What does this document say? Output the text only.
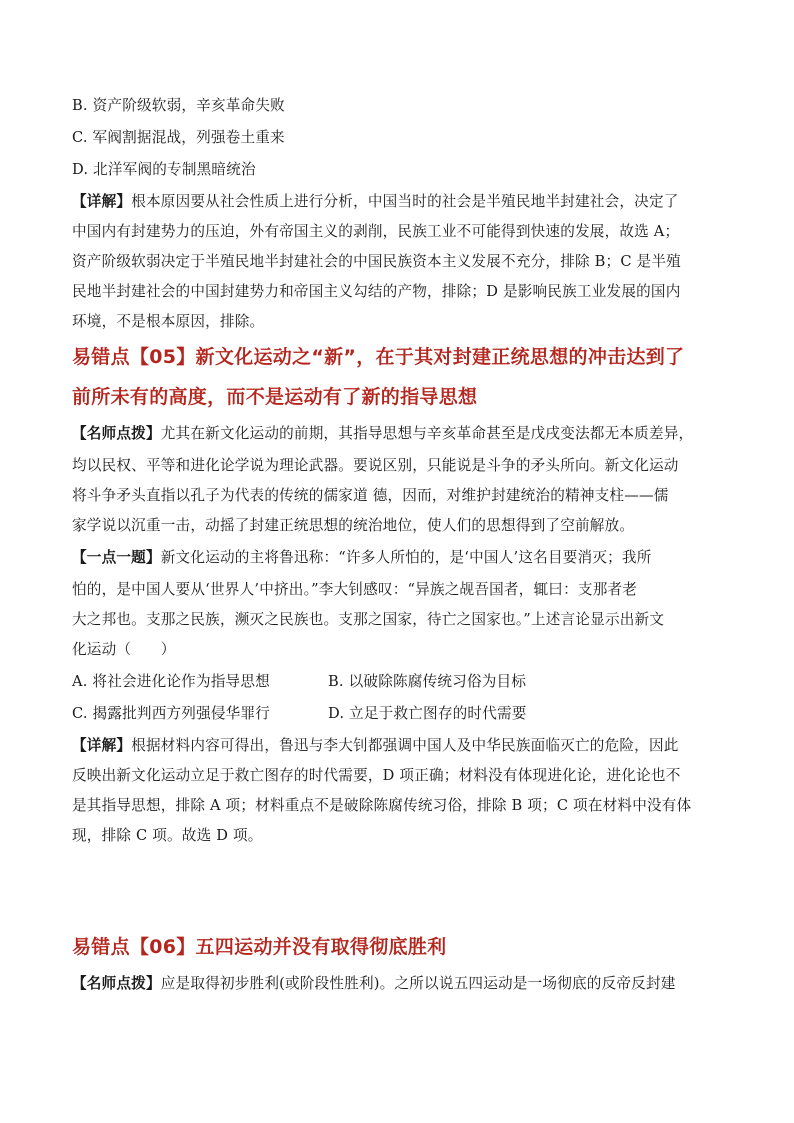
B. 资产阶级软弱，辛亥革命失败
C. 军阀割据混战，列强卷土重来
D. 北洋军阀的专制黑暗统治
【详解】根本原因要从社会性质上进行分析，中国当时的社会是半殖民地半封建社会，决定了
中国内有封建势力的压迫，外有帝国主义的剥削，民族工业不可能得到快速的发展，故选 A；
资产阶级软弱决定于半殖民地半封建社会的中国民族资本主义发展不充分，排除 B；C 是半殖
民地半封建社会的中国封建势力和帝国主义勾结的产物，排除；D 是影响民族工业发展的国内
环境，不是根本原因，排除。
易错点【05】新文化运动之“新”，在于其对封建正统思想的冲击达到了
前所未有的高度，而不是运动有了新的指导思想
【名师点拨】尤其在新文化运动的前期，其指导思想与辛亥革命甚至是戊戌变法都无本质差异，
均以民权、平等和进化论学说为理论武器。要说区别，只能说是斗争的矛头所向。新文化运动
将斗争矛头直指以孔子为代表的传统的儒家道 德，因而，对维护封建统治的精神支柱——儒
家学说以沉重一击，动摇了封建正统思想的统治地位，使人们的思想得到了空前解放。
【一点一题】新文化运动的主将鲁迅称：“许多人所怕的，是‘中国人’这名目要消灭；我所
怕的，是中国人要从‘世界人’中挤出。”李大钊感叹：“异族之觇吾国者，辄曰：支那者老
大之邦也。支那之民族，濒灭之民族也。支那之国家，待亡之国家也。”上述言论显示出新文
化运动（　　）
A. 将社会进化论作为指导思想	B. 以破除陈腐传统习俗为目标
C. 揭露批判西方列强侵华罪行	D. 立足于救亡图存的时代需要
【详解】根据材料内容可得出，鲁迅与李大钊都强调中国人及中华民族面临灭亡的危险，因此
反映出新文化运动立足于救亡图存的时代需要，D 项正确；材料没有体现进化论，进化论也不
是其指导思想，排除 A 项；材料重点不是破除陈腐传统习俗，排除 B 项；C 项在材料中没有体
现，排除 C 项。故选 D 项。
易错点【06】五四运动并没有取得彻底胜利
【名师点拨】应是取得初步胜利(或阶段性胜利)。之所以说五四运动是一场彻底的反帝反封建
